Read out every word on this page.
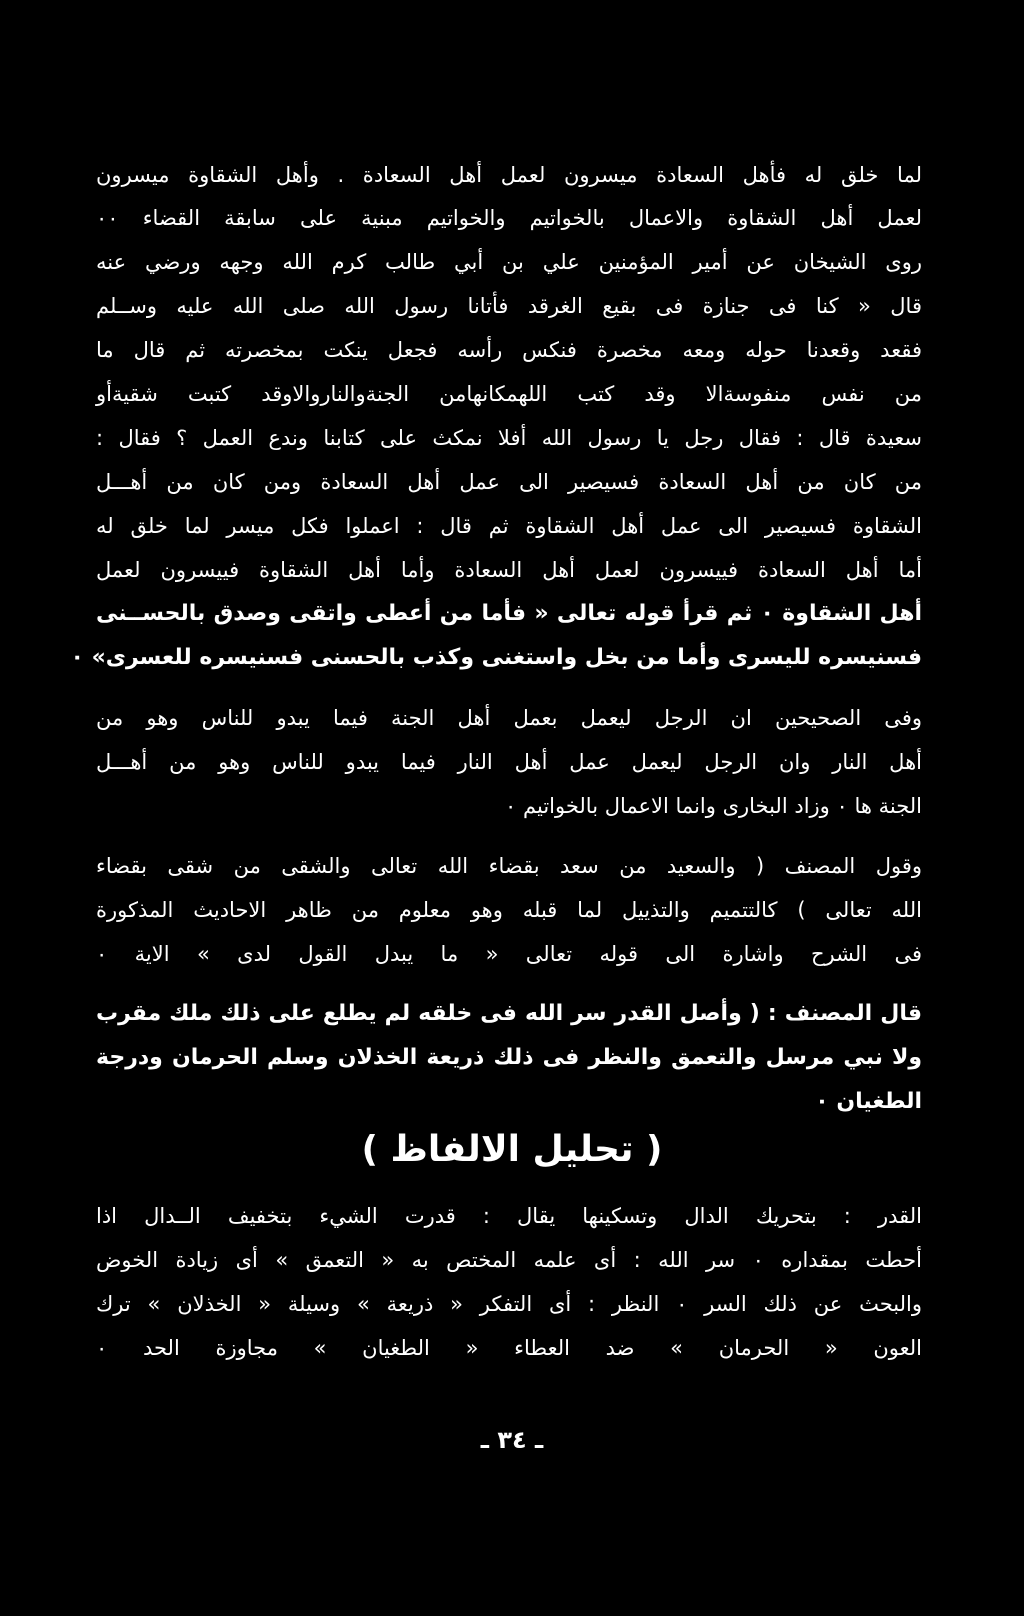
لما خلق له فأهل السعادة ميسرون لعمل أهل السعادة . وأهل الشقاوة ميسرون
لعمل أهل الشقاوة والاعمال بالخواتيم والخواتيم مبنية على سابقة القضاء ٠٠
روى الشيخان عن أمير المؤمنين علي بن أبي طالب كرم الله وجهه ورضي عنه
قال « كنا فى جنازة فى بقيع الغرقد فأتانا رسول الله صلى الله عليه وســلم
فقعد وقعدنا حوله ومعه مخصرة فنكس رأسه فجعل ينكت بمخصرته ثم قال ما
من نفس منفوسةالا وقد كتب اللهمكانهامن الجنةوالناروالاوقد كتبت شقيةأو
سعيدة قال : فقال رجل يا رسول الله أفلا نمكث على كتابنا وندع العمل ؟ فقال :
من كان من أهل السعادة فسيصير الى عمل أهل السعادة ومن كان من أهـــل
الشقاوة فسيصير الى عمل أهل الشقاوة ثم قال : اعملوا فكل ميسر لما خلق له
أما أهل السعادة فييسرون لعمل أهل السعادة وأما أهل الشقاوة فييسرون لعمل
أهل الشقاوة ٠ ثم قرأ قوله تعالى « فأما من أعطى واتقى وصدق بالحســنى
فسنيسره لليسرى وأما من بخل واستغنى وكذب بالحسنى فسنيسره للعسرى» ٠
وفى الصحيحين ان الرجل ليعمل بعمل أهل الجنة فيما يبدو للناس وهو من
أهل النار وان الرجل ليعمل عمل أهل النار فيما يبدو للناس وهو من أهـــل
الجنة ها ٠ وزاد البخارى وانما الاعمال بالخواتيم ٠
وقول المصنف ( والسعيد من سعد بقضاء الله تعالى والشقى من شقى بقضاء
الله تعالى ) كالتتميم والتذييل لما قبله وهو معلوم من ظاهر الاحاديث المذكورة
فى الشرح واشارة الى قوله تعالى « ما يبدل القول لدى » الاية ٠
قال المصنف : ( وأصل القدر سر الله فى خلقه لم يطلع على ذلك ملك مقرب
ولا نبي مرسل والتعمق والنظر فى ذلك ذريعة الخذلان وسلم الحرمان ودرجة
الطغيان ٠
( تحليل الالفاظ )
القدر : بتحريك الدال وتسكينها يقال : قدرت الشيء بتخفيف الــدال اذا
أحطت بمقداره ٠ سر الله : أى علمه المختص به « التعمق » أى زيادة الخوض
والبحث عن ذلك السر ٠ النظر : أى التفكر « ذريعة » وسيلة « الخذلان » ترك
العون « الحرمان » ضد العطاء « الطغيان » مجاوزة الحد ٠
ـ ٣٤ ـ
